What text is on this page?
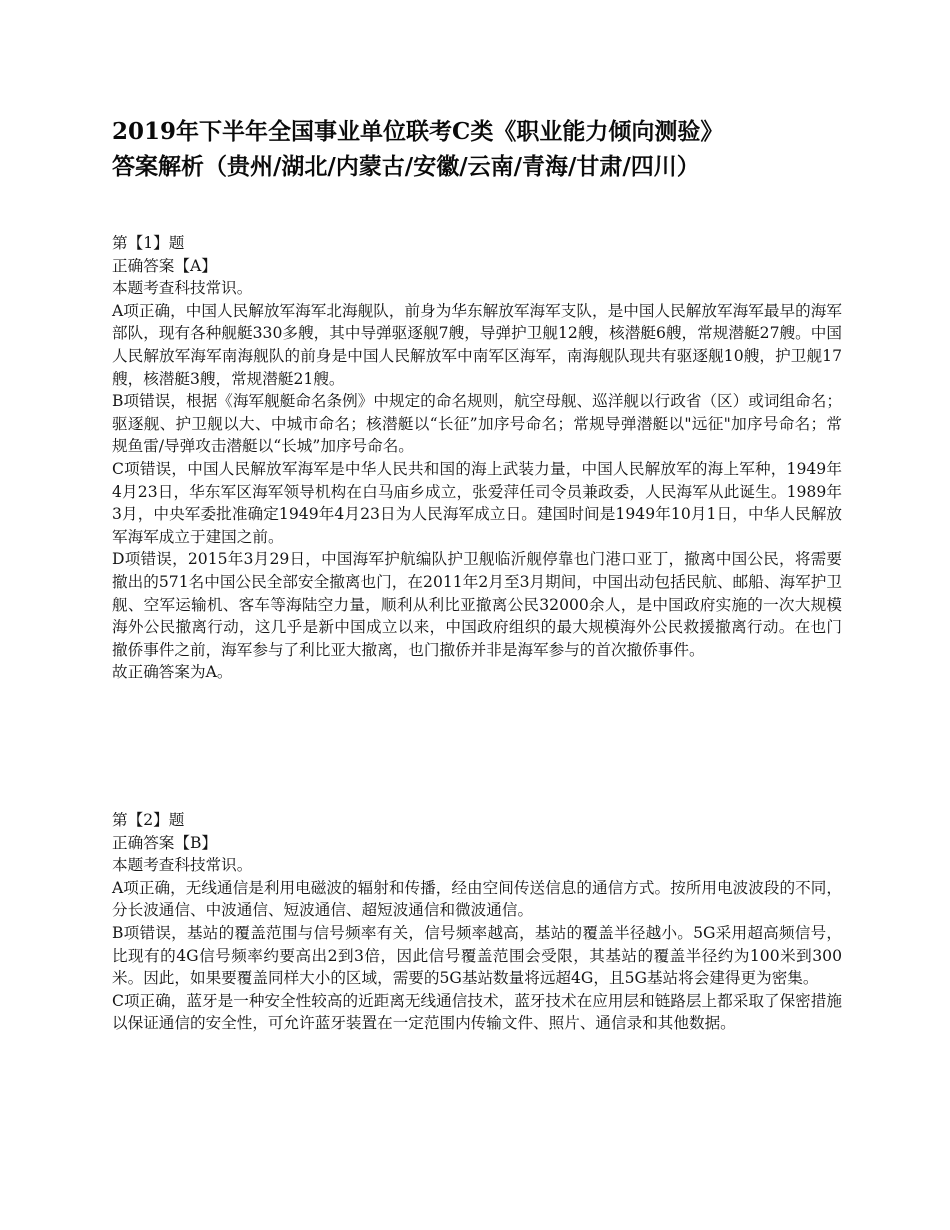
2019年下半年全国事业单位联考C类《职业能力倾向测验》
答案解析（贵州/湖北/内蒙古/安徽/云南/青海/甘肃/四川）

第【1】题

正确答案【A】

本题考查科技常识。

A项正确，中国人民解放军海军北海舰队，前身为华东解放军海军支队，是中国人民解放军海军最早的海军部队，现有各种舰艇330多艘，其中导弹驱逐舰7艘，导弹护卫舰12艘，核潜艇6艘，常规潜艇27艘。中国人民解放军海军南海舰队的前身是中国人民解放军中南军区海军，南海舰队现共有驱逐舰10艘，护卫舰17艘，核潜艇3艘，常规潜艇21艘。

B项错误，根据《海军舰艇命名条例》中规定的命名规则，航空母舰、巡洋舰以行政省（区）或词组命名；驱逐舰、护卫舰以大、中城市命名；核潜艇以“长征”加序号命名；常规导弹潜艇以"远征"加序号命名；常规鱼雷/导弹攻击潜艇以“长城”加序号命名。

C项错误，中国人民解放军海军是中华人民共和国的海上武装力量，中国人民解放军的海上军种，1949年4月23日，华东军区海军领导机构在白马庙乡成立，张爱萍任司令员兼政委，人民海军从此诞生。1989年3月，中央军委批准确定1949年4月23日为人民海军成立日。建国时间是1949年10月1日，中华人民解放军海军成立于建国之前。

D项错误，2015年3月29日，中国海军护航编队护卫舰临沂舰停靠也门港口亚丁，撤离中国公民，将需要撤出的571名中国公民全部安全撤离也门，在2011年2月至3月期间，中国出动包括民航、邮船、海军护卫舰、空军运输机、客车等海陆空力量，顺利从利比亚撤离公民32000余人，是中国政府实施的一次大规模海外公民撤离行动，这几乎是新中国成立以来，中国政府组织的最大规模海外公民救援撤离行动。在也门撤侨事件之前，海军参与了利比亚大撤离，也门撤侨并非是海军参与的首次撤侨事件。

故正确答案为A。

第【2】题

正确答案【B】

本题考查科技常识。

A项正确，无线通信是利用电磁波的辐射和传播，经由空间传送信息的通信方式。按所用电波波段的不同，分长波通信、中波通信、短波通信、超短波通信和微波通信。

B项错误，基站的覆盖范围与信号频率有关，信号频率越高，基站的覆盖半径越小。5G采用超高频信号，比现有的4G信号频率约要高出2到3倍，因此信号覆盖范围会受限，其基站的覆盖半径约为100米到300米。因此，如果要覆盖同样大小的区域，需要的5G基站数量将远超4G，且5G基站将会建得更为密集。

C项正确，蓝牙是一种安全性较高的近距离无线通信技术，蓝牙技术在应用层和链路层上都采取了保密措施以保证通信的安全性，可允许蓝牙装置在一定范围内传输文件、照片、通信录和其他数据。
